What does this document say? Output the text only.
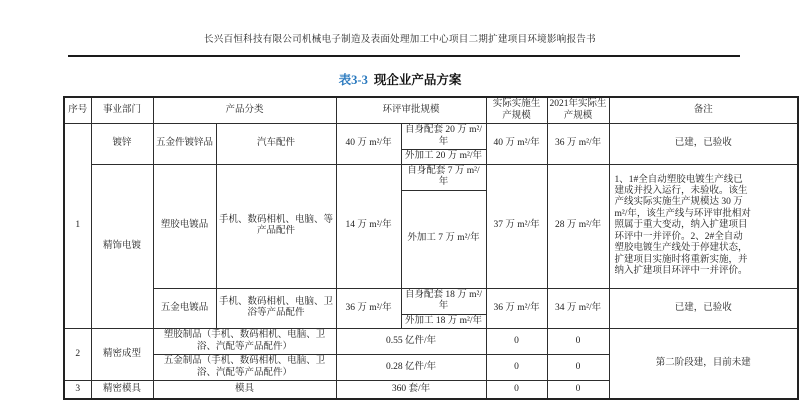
长兴百恒科技有限公司机械电子制造及表面处理加工中心项目二期扩建项目环境影响报告书
表3-3 现企业产品方案
序号	事业部门	产品分类		环评审批规模		实际实施生产规模	2021年实际生产规模	备注
1	镀锌	五金件镀锌品	汽车配件	40 万 m²/年	自身配套 20 万 m²/年	40 万 m²/年	36 万 m²/年	已建，已验收
					外加工 20 万 m²/年			
	精饰电镀	塑胶电镀品	手机、数码相机、电脑、等产品配件	14 万 m²/年	自身配套 7 万 m²/年	37 万 m²/年	28 万 m²/年	1、1#全自动塑胶电镀生产线已建成并投入运行，未验收。该生产线实际实施生产规模达 30 万 m²/年，该生产线与环评审批相对照属于重大变动，纳入扩建项目环评中一并评价。2、2#全自动塑胶电镀生产线处于停建状态，扩建项目实施时将重新实施，并纳入扩建项目环评中一并评价。
					外加工 7 万 m²/年			
		五金电镀品	手机、数码相机、电脑、卫浴等产品配件	36 万 m²/年	自身配套 18 万 m²/年	36 万 m²/年	34 万 m²/年	已建，已验收
					外加工 18 万 m²/年			
2	精密成型	塑胶制品（手机、数码相机、电脑、卫浴、汽配等产品配件）		0.55 亿件/年		0	0	第二阶段建，目前未建
		五金制品（手机、数码相机、电脑、卫浴、汽配等产品配件）		0.28 亿件/年		0	0	
3	精密模具	模具		360 套/年		0	0	
